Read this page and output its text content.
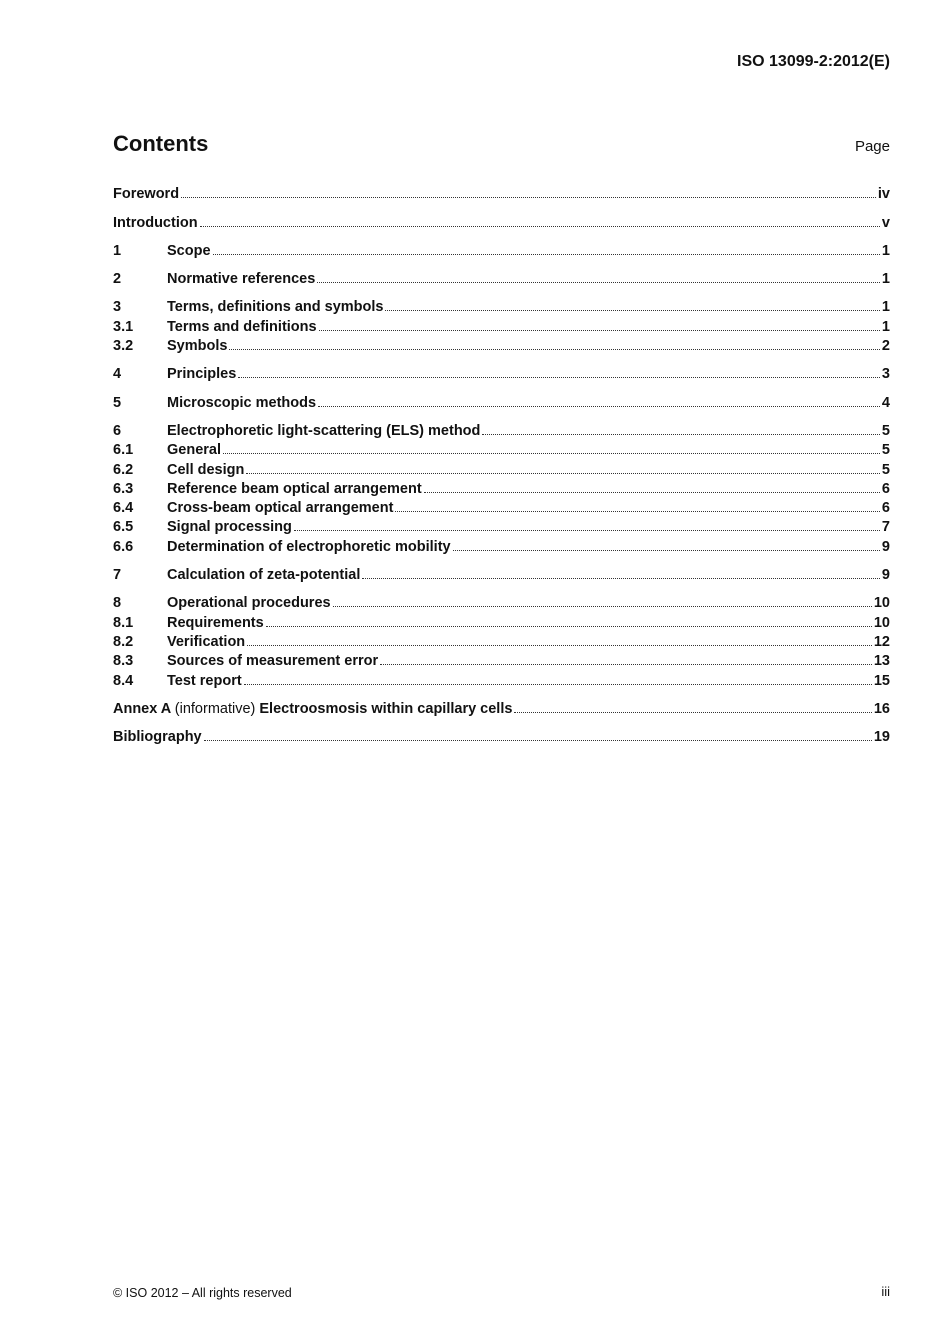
ISO 13099-2:2012(E)
Contents	Page
Foreword	iv
Introduction	v
1	Scope	1
2	Normative references	1
3	Terms, definitions and symbols	1
3.1	Terms and definitions	1
3.2	Symbols	2
4	Principles	3
5	Microscopic methods	4
6	Electrophoretic light-scattering (ELS) method	5
6.1	General	5
6.2	Cell design	5
6.3	Reference beam optical arrangement	6
6.4	Cross-beam optical arrangement	6
6.5	Signal processing	7
6.6	Determination of electrophoretic mobility	9
7	Calculation of zeta-potential	9
8	Operational procedures	10
8.1	Requirements	10
8.2	Verification	12
8.3	Sources of measurement error	13
8.4	Test report	15
Annex A (informative) Electroosmosis within capillary cells	16
Bibliography	19
© ISO 2012 – All rights reserved	iii
